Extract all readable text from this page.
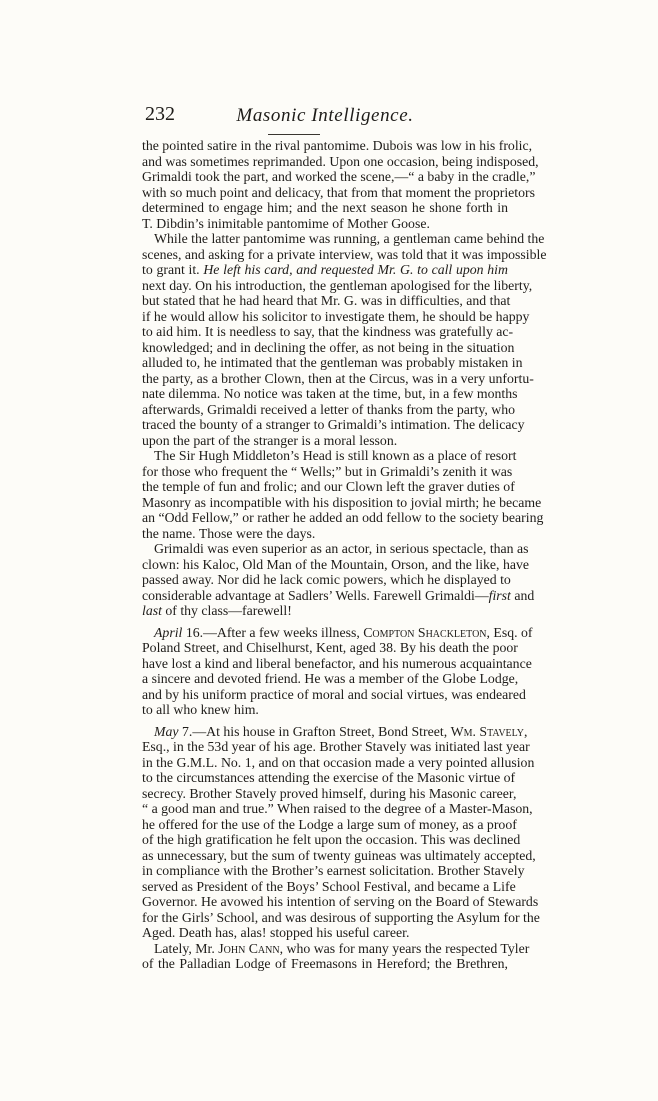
232	Masonic Intelligence.
the pointed satire in the rival pantomime. Dubois was low in his frolic,
and was sometimes reprimanded. Upon one occasion, being indisposed,
Grimaldi took the part, and worked the scene,—“ a baby in the cradle,”
with so much point and delicacy, that from that moment the proprietors
determined to engage him; and the next season he shone forth in
T. Dibdin’s inimitable pantomime of Mother Goose.
While the latter pantomime was running, a gentleman came behind the
scenes, and asking for a private interview, was told that it was impossible
to grant it. He left his card, and requested Mr. G. to call upon him
next day. On his introduction, the gentleman apologised for the liberty,
but stated that he had heard that Mr. G. was in difficulties, and that
if he would allow his solicitor to investigate them, he should be happy
to aid him. It is needless to say, that the kindness was gratefully ac-
knowledged; and in declining the offer, as not being in the situation
alluded to, he intimated that the gentleman was probably mistaken in
the party, as a brother Clown, then at the Circus, was in a very unfortu-
nate dilemma. No notice was taken at the time, but, in a few months
afterwards, Grimaldi received a letter of thanks from the party, who
traced the bounty of a stranger to Grimaldi’s intimation. The delicacy
upon the part of the stranger is a moral lesson.
The Sir Hugh Middleton’s Head is still known as a place of resort
for those who frequent the “ Wells;” but in Grimaldi’s zenith it was
the temple of fun and frolic; and our Clown left the graver duties of
Masonry as incompatible with his disposition to jovial mirth; he became
an “Odd Fellow,” or rather he added an odd fellow to the society bearing
the name. Those were the days.
Grimaldi was even superior as an actor, in serious spectacle, than as
clown: his Kaloc, Old Man of the Mountain, Orson, and the like, have
passed away. Nor did he lack comic powers, which he displayed to
considerable advantage at Sadlers’ Wells. Farewell Grimaldi—first and
last of thy class—farewell!
April 16.—After a few weeks illness, Compton Shackleton, Esq. of
Poland Street, and Chiselhurst, Kent, aged 38. By his death the poor
have lost a kind and liberal benefactor, and his numerous acquaintance
a sincere and devoted friend. He was a member of the Globe Lodge,
and by his uniform practice of moral and social virtues, was endeared
to all who knew him.
May 7.—At his house in Grafton Street, Bond Street, Wm. Stavely,
Esq., in the 53d year of his age. Brother Stavely was initiated last year
in the G.M.L. No. 1, and on that occasion made a very pointed allusion
to the circumstances attending the exercise of the Masonic virtue of
secrecy. Brother Stavely proved himself, during his Masonic career,
“ a good man and true.” When raised to the degree of a Master-Mason,
he offered for the use of the Lodge a large sum of money, as a proof
of the high gratification he felt upon the occasion. This was declined
as unnecessary, but the sum of twenty guineas was ultimately accepted,
in compliance with the Brother’s earnest solicitation. Brother Stavely
served as President of the Boys’ School Festival, and became a Life
Governor. He avowed his intention of serving on the Board of Stewards
for the Girls’ School, and was desirous of supporting the Asylum for the
Aged. Death has, alas! stopped his useful career.
Lately, Mr. John Cann, who was for many years the respected Tyler
of the Palladian Lodge of Freemasons in Hereford; the Brethren,
